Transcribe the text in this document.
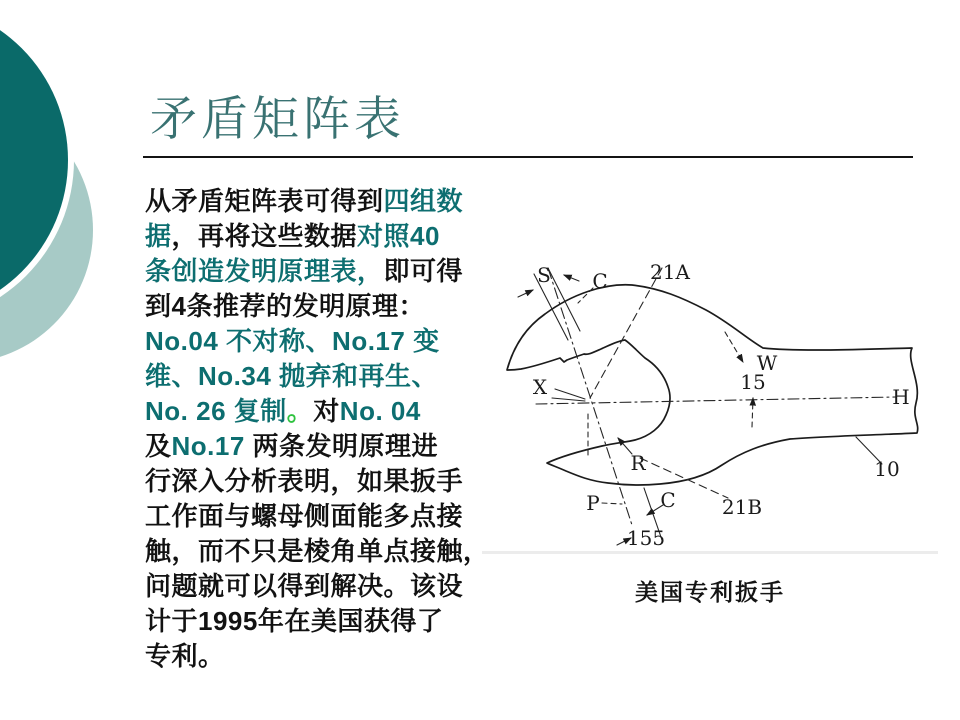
矛盾矩阵表
从矛盾矩阵表可得到四组数
据，再将这些数据对照40
条创造发明原理表，即可得
到4条推荐的发明原理：
No.04 不对称、No.17 变
维、No.34 抛弃和再生、
No. 26 复制。对No. 04
及No.17 两条发明原理进
行深入分析表明，如果扳手
工作面与螺母侧面能多点接
触，而不只是棱角单点接触，
问题就可以得到解决。该设
计于1995年在美国获得了
专利。
S C 21A
W
15
H
X
R
P	C 21B
155
10
美国专利扳手
